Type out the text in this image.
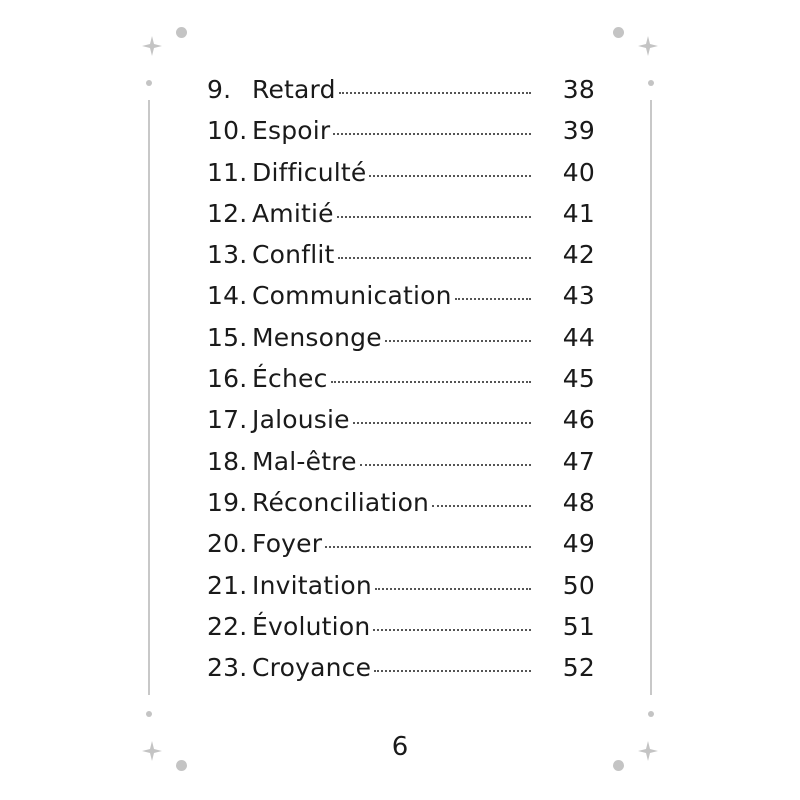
9. Retard	38
10. Espoir	39
11. Difficulté	40
12. Amitié	41
13. Conflit	42
14. Communication	43
15. Mensonge	44
16. Échec	45
17. Jalousie	46
18. Mal-être	47
19. Réconciliation	48
20. Foyer	49
21. Invitation	50
22. Évolution	51
23. Croyance	52
6
